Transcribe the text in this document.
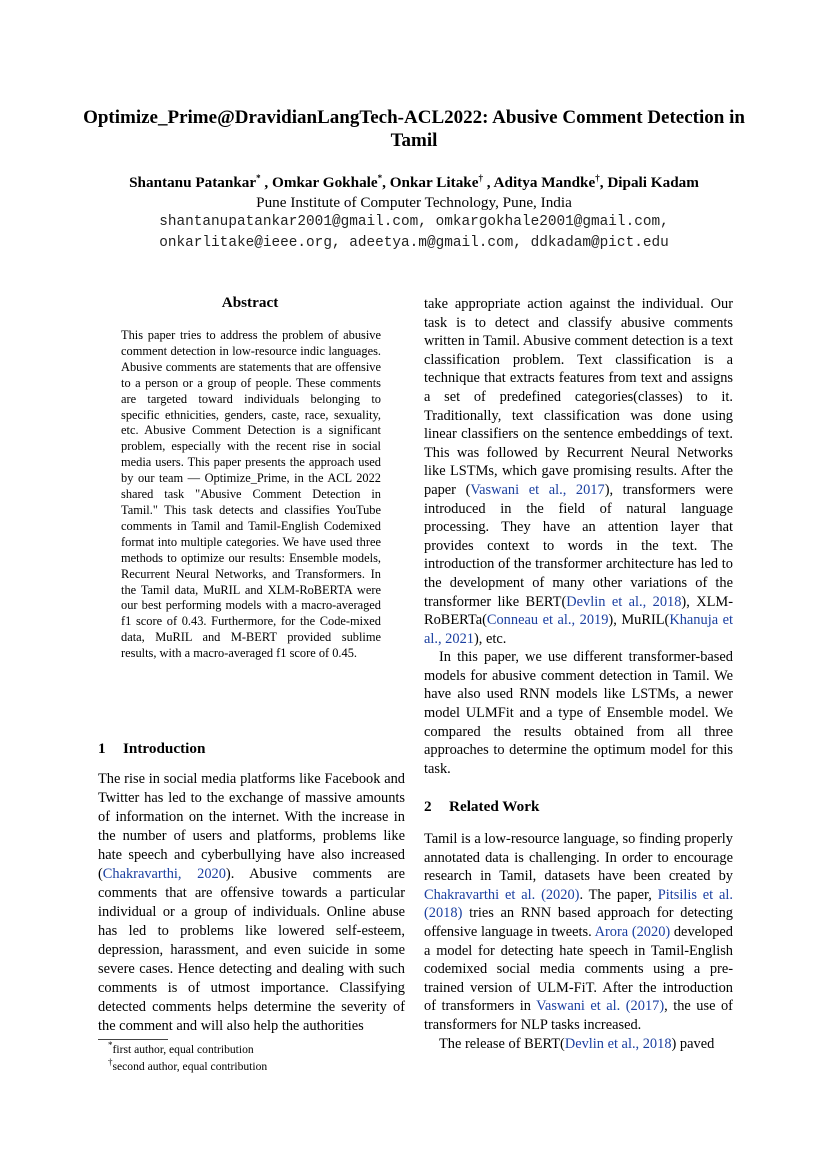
Optimize_Prime@DravidianLangTech-ACL2022: Abusive Comment Detection in Tamil
Shantanu Patankar* , Omkar Gokhale*, Onkar Litake† , Aditya Mandke†, Dipali Kadam
Pune Institute of Computer Technology, Pune, India
shantanupatankar2001@gmail.com, omkargokhale2001@gmail.com,
onkarlitake@ieee.org, adeetya.m@gmail.com, ddkadam@pict.edu
Abstract
This paper tries to address the problem of abusive comment detection in low-resource indic languages. Abusive comments are statements that are offensive to a person or a group of people. These comments are targeted toward individuals belonging to specific ethnicities, genders, caste, race, sexuality, etc. Abusive Comment Detection is a significant problem, especially with the recent rise in social media users. This paper presents the approach used by our team — Optimize_Prime, in the ACL 2022 shared task "Abusive Comment Detection in Tamil." This task detects and classifies YouTube comments in Tamil and Tamil-English Codemixed format into multiple categories. We have used three methods to optimize our results: Ensemble models, Recurrent Neural Networks, and Transformers. In the Tamil data, MuRIL and XLM-RoBERTA were our best performing models with a macro-averaged f1 score of 0.43. Furthermore, for the Code-mixed data, MuRIL and M-BERT provided sublime results, with a macro-averaged f1 score of 0.45.
1 Introduction

The rise in social media platforms like Facebook and Twitter has led to the exchange of massive amounts of information on the internet. With the increase in the number of users and platforms, problems like hate speech and cyberbullying have also increased (Chakravarthi, 2020). Abusive comments are comments that are offensive towards a particular individual or a group of individuals. Online abuse has led to problems like lowered self-esteem, depression, harassment, and even suicide in some severe cases. Hence detecting and dealing with such comments is of utmost importance. Classifying detected comments helps determine the severity of the comment and will also help the authorities

*first author, equal contribution
†second author, equal contribution

take appropriate action against the individual. Our task is to detect and classify abusive comments written in Tamil. Abusive comment detection is a text classification problem. Text classification is a technique that extracts features from text and assigns a set of predefined categories(classes) to it. Traditionally, text classification was done using linear classifiers on the sentence embeddings of text. This was followed by Recurrent Neural Networks like LSTMs, which gave promising results. After the paper (Vaswani et al., 2017), transformers were introduced in the field of natural language processing. They have an attention layer that provides context to words in the text. The introduction of the transformer architecture has led to the development of many other variations of the transformer like BERT(Devlin et al., 2018), XLM-RoBERTa(Conneau et al., 2019), MuRIL(Khanuja et al., 2021), etc.

In this paper, we use different transformer-based models for abusive comment detection in Tamil. We have also used RNN models like LSTMs, a newer model ULMFit and a type of Ensemble model. We compared the results obtained from all three approaches to determine the optimum model for this task.

2 Related Work

Tamil is a low-resource language, so finding properly annotated data is challenging. In order to encourage research in Tamil, datasets have been created by Chakravarthi et al. (2020). The paper, Pitsilis et al. (2018) tries an RNN based approach for detecting offensive language in tweets. Arora (2020) developed a model for detecting hate speech in Tamil-English codemixed social media comments using a pre-trained version of ULM-FiT. After the introduction of transformers in Vaswani et al. (2017), the use of transformers for NLP tasks increased.

The release of BERT(Devlin et al., 2018) paved
